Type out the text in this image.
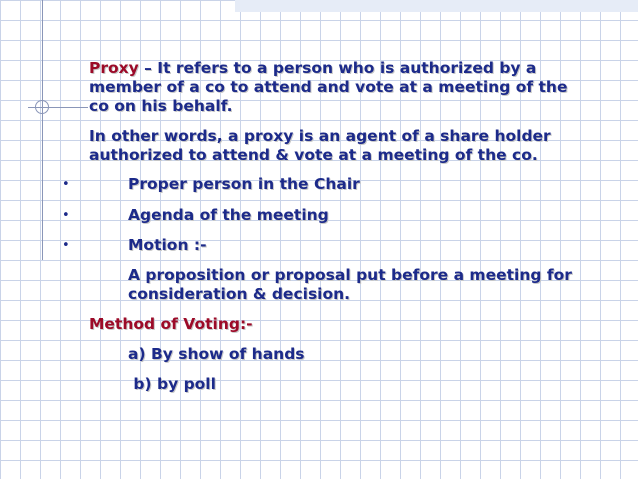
Proxy – It refers to a person who is authorized by a
member of a co to attend and vote at a meeting of the
co on his behalf.
In other words, a proxy is an agent of a share holder
authorized to attend & vote at a meeting of the co.
•	Proper person in the Chair
•	Agenda of the meeting
•	Motion :-
A proposition or proposal put before a meeting for
consideration & decision.
Method of Voting:-
a) By show of hands
b) by poll
